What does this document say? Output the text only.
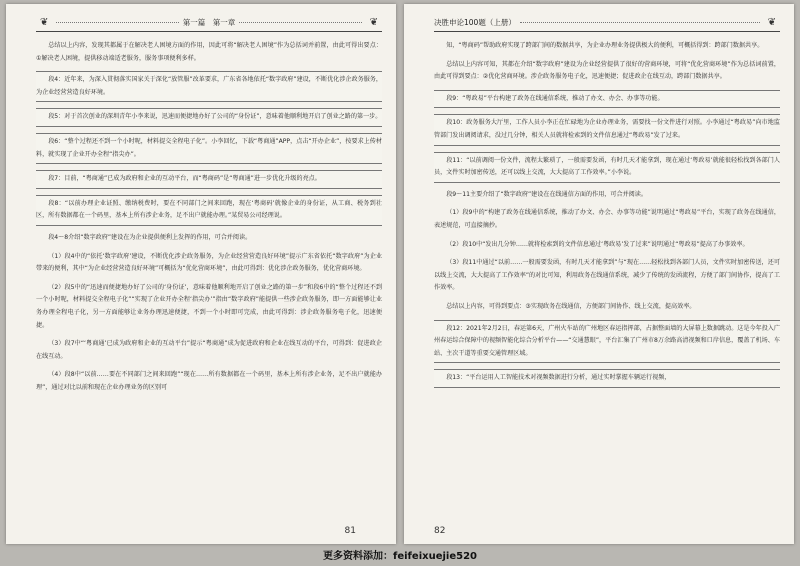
❦	第一篇　第一章	❦

总结以上内容，发现其都属于在解决老人困境方面的作用，因此可将“解决老人困境”作为总括词并前置，由此可得出要点：①解决老人困境，提供移动端适老服务，服务事项便利多样。

段4：近年来，为深入贯彻落实国家关于深化“放管服”改革要求，广东省各地依托“数字政府”建设，不断优化涉企政务服务，为企业经营营造良好环境。

段5：对于首次创业的深圳青年小李来说，迅速而便捷地办好了公司的“身份证”，意味着他顺利地开启了创业之路的第一步。

段6：“整个过程还不到一个小时呢，材料提交全程电子化”。小李回忆，下载“粤商通”APP，点击“开办企业”，按要求上传材料，就实现了企业开办全程“指尖办”。

段7：目前，“粤商通”已成为政府和企业的互动平台，而“粤商码”是“粤商通”进一步优化升级的亮点。

段8：“以前办理企业证照、缴纳税费时，要在不同部门之间来回跑，现在‘粤商码’就像企业的身份证，从工商、税务到社区，所有数据都在一个码里，基本上所有涉企业务，足不出户就能办理。”某贸易公司经理说。

段4～8介绍“数字政府”建设在为企业提供便利上发挥的作用，可合并阅读。

（1）段4中的“依托‘数字政府’建设，不断优化涉企政务服务，为企业经营营造良好环境”提示广东省依托“数字政府”为企业带来的便利，其中“为企业经营营造良好环境”可概括为“优化营商环境”，由此可得到：优化涉企政务服务，优化营商环境。

（2）段5中的“迅速而便捷地办好了公司的‘身份证’，意味着他顺利地开启了创业之路的第一步”和段6中的“整个过程还不到一个小时呢，材料提交全程电子化”“实现了企业开办全程‘指尖办’”指由“数字政府”能提供一些涉企政务服务，即一方面能够让业务办理全程电子化，另一方面能够让业务办理迅速便捷，不到一个小时即可完成，由此可得到：涉企政务服务电子化，迅速便捷。

（3）段7中“‘粤商通’已成为政府和企业的互动平台”提示“粤商通”成为促进政府和企业在线互动的平台，可得到：促进政企在线互动。

（4）段8中“以前……要在不同部门之间来回跑”“现在……所有数据都在一个码里，基本上所有涉企业务，足不出户就能办理”，通过对比以前和现在企业办理业务的区别可

81
决胜申论100题（上册）	❦

知，“粤商码”帮助政府实现了跨部门间的数据共享，为企业办理业务提供极大的便利，可概括得到：跨部门数据共享。

总结以上内容可知，其都在介绍“数字政府”建设为企业经营提供了很好的营商环境，可将“优化营商环境”作为总括词前置，由此可得到要点：②优化营商环境。涉企政务服务电子化，迅速便捷；促进政企在线互动，跨部门数据共享。

段9：“粤政易”平台构建了政务在线通信系统，推动了办文、办会、办事等功能。

段10：政务服务大厅里，工作人员小李正在忙碌地为企业办理业务，需要找一份文件进行对照。小李通过“粤政易”向市地监管部门发出调阅请求，没过几分钟，相关人员就将检索到的文件信息通过“粤政易”发了过来。

段11：“以前调阅一份文件，流程太繁琐了，一般需要发函，有时几天才能拿到，现在通过‘粤政易’就能很轻松找到各部门人员，文件实时加密传送，还可以线上交流，大大提高了工作效率。”小李说。

段9～11主要介绍了“数字政府”建设在在线通信方面的作用，可合并阅读。

（1）段9中的“构建了政务在线通信系统，推动了办文、办会、办事等功能”说明通过“粤政易”平台，实现了政务在线通信，表述规范，可直接摘抄。

（2）段10中“发出几分钟……就将检索到的文件信息通过‘粤政易’发了过来”说明通过“粤政易”提高了办事效率。

（3）段11中通过“以前……一般需要发函，有时几天才能拿到”与“现在……轻松找到各部门人员，文件实时加密传送，还可以线上交流，大大提高了工作效率”的对比可知，利用政务在线通信系统，减少了传统的发函流程，方便了部门间协作，提高了工作效率。

总结以上内容，可得到要点：③实现政务在线通信，方便部门间协作、线上交流，提高效率。

段12：2021年2月2日，春运第6天，广州火车站的广州地区春运指挥部，占据整面墙的大屏幕上数据跳动。这是今年投入广州春运综合保障中的视频智能化综合分析平台——“交通慧眼”，平台汇集了广州市8万余路高清视频和口岸信息，覆盖了机场、车站、主次干道等重要交通管理区域。

段13：“平台运用人工智能技术对视频数据进行分析，通过实时掌握车辆运行视频，

82
更多资料添加：feifeixuejie520
